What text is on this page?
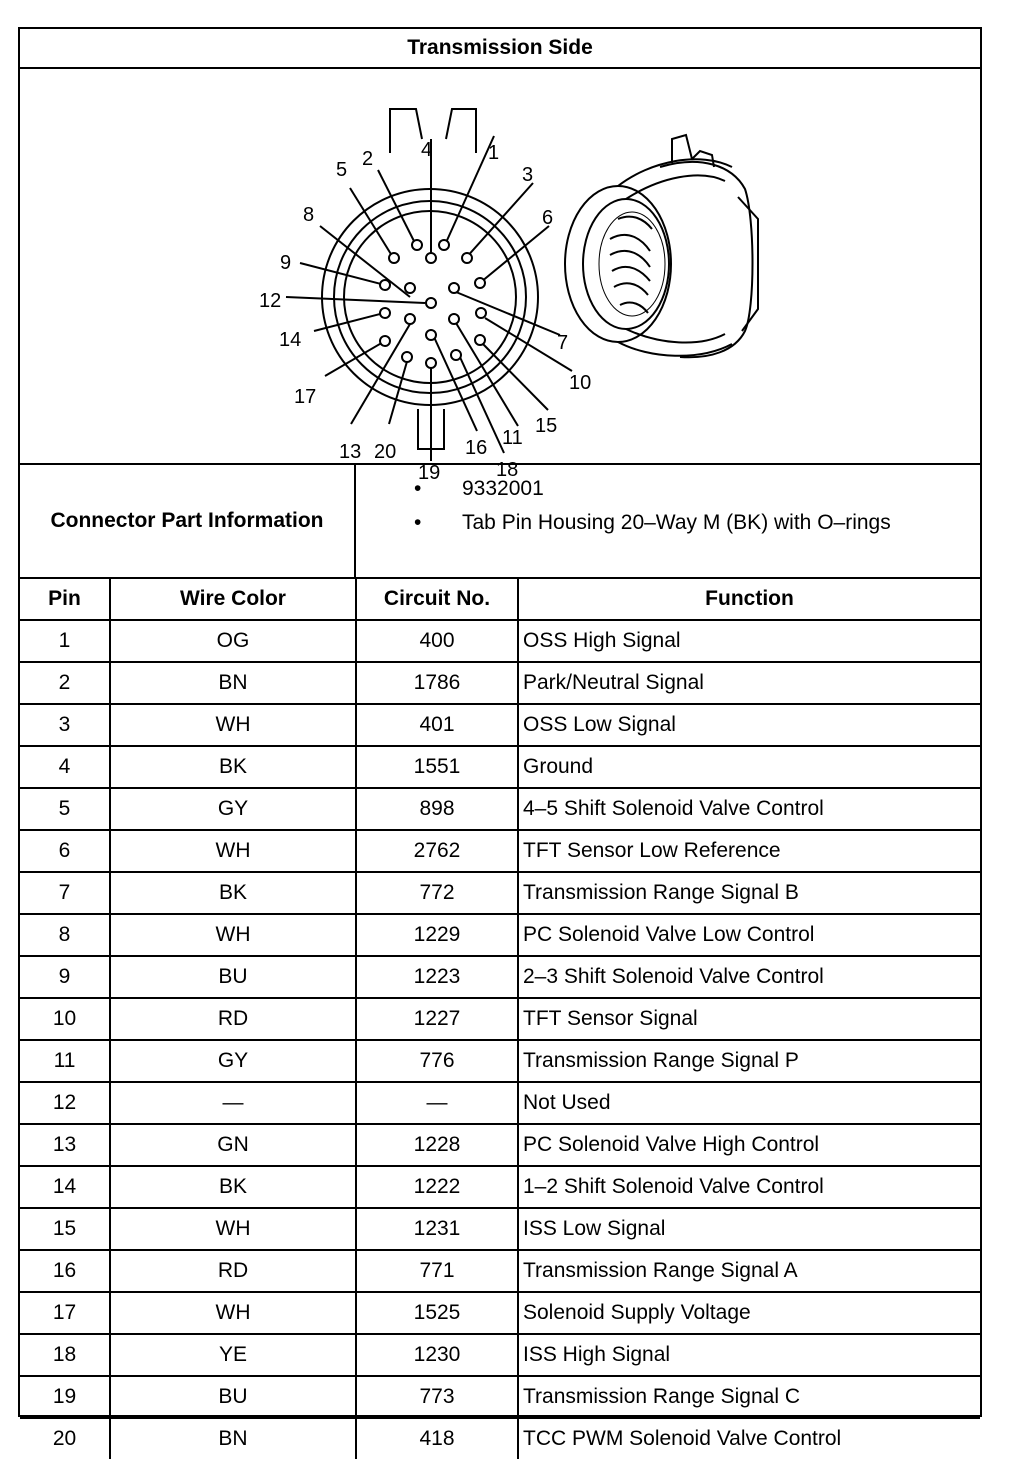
Transmission Side
1
2
3
4
5
6
7
8
9
10
11
12
13
14
15
16
17
18
19
20
Connector Part Information
• 9332001
• Tab Pin Housing 20–Way M (BK) with O–rings
Pin	Wire Color	Circuit No.	Function
1	OG	400	OSS High Signal
2	BN	1786	Park/Neutral Signal
3	WH	401	OSS Low Signal
4	BK	1551	Ground
5	GY	898	4–5 Shift Solenoid Valve Control
6	WH	2762	TFT Sensor Low Reference
7	BK	772	Transmission Range Signal B
8	WH	1229	PC Solenoid Valve Low Control
9	BU	1223	2–3 Shift Solenoid Valve Control
10	RD	1227	TFT Sensor Signal
11	GY	776	Transmission Range Signal P
12	—	—	Not Used
13	GN	1228	PC Solenoid Valve High Control
14	BK	1222	1–2 Shift Solenoid Valve Control
15	WH	1231	ISS Low Signal
16	RD	771	Transmission Range Signal A
17	WH	1525	Solenoid Supply Voltage
18	YE	1230	ISS High Signal
19	BU	773	Transmission Range Signal C
20	BN	418	TCC PWM Solenoid Valve Control
